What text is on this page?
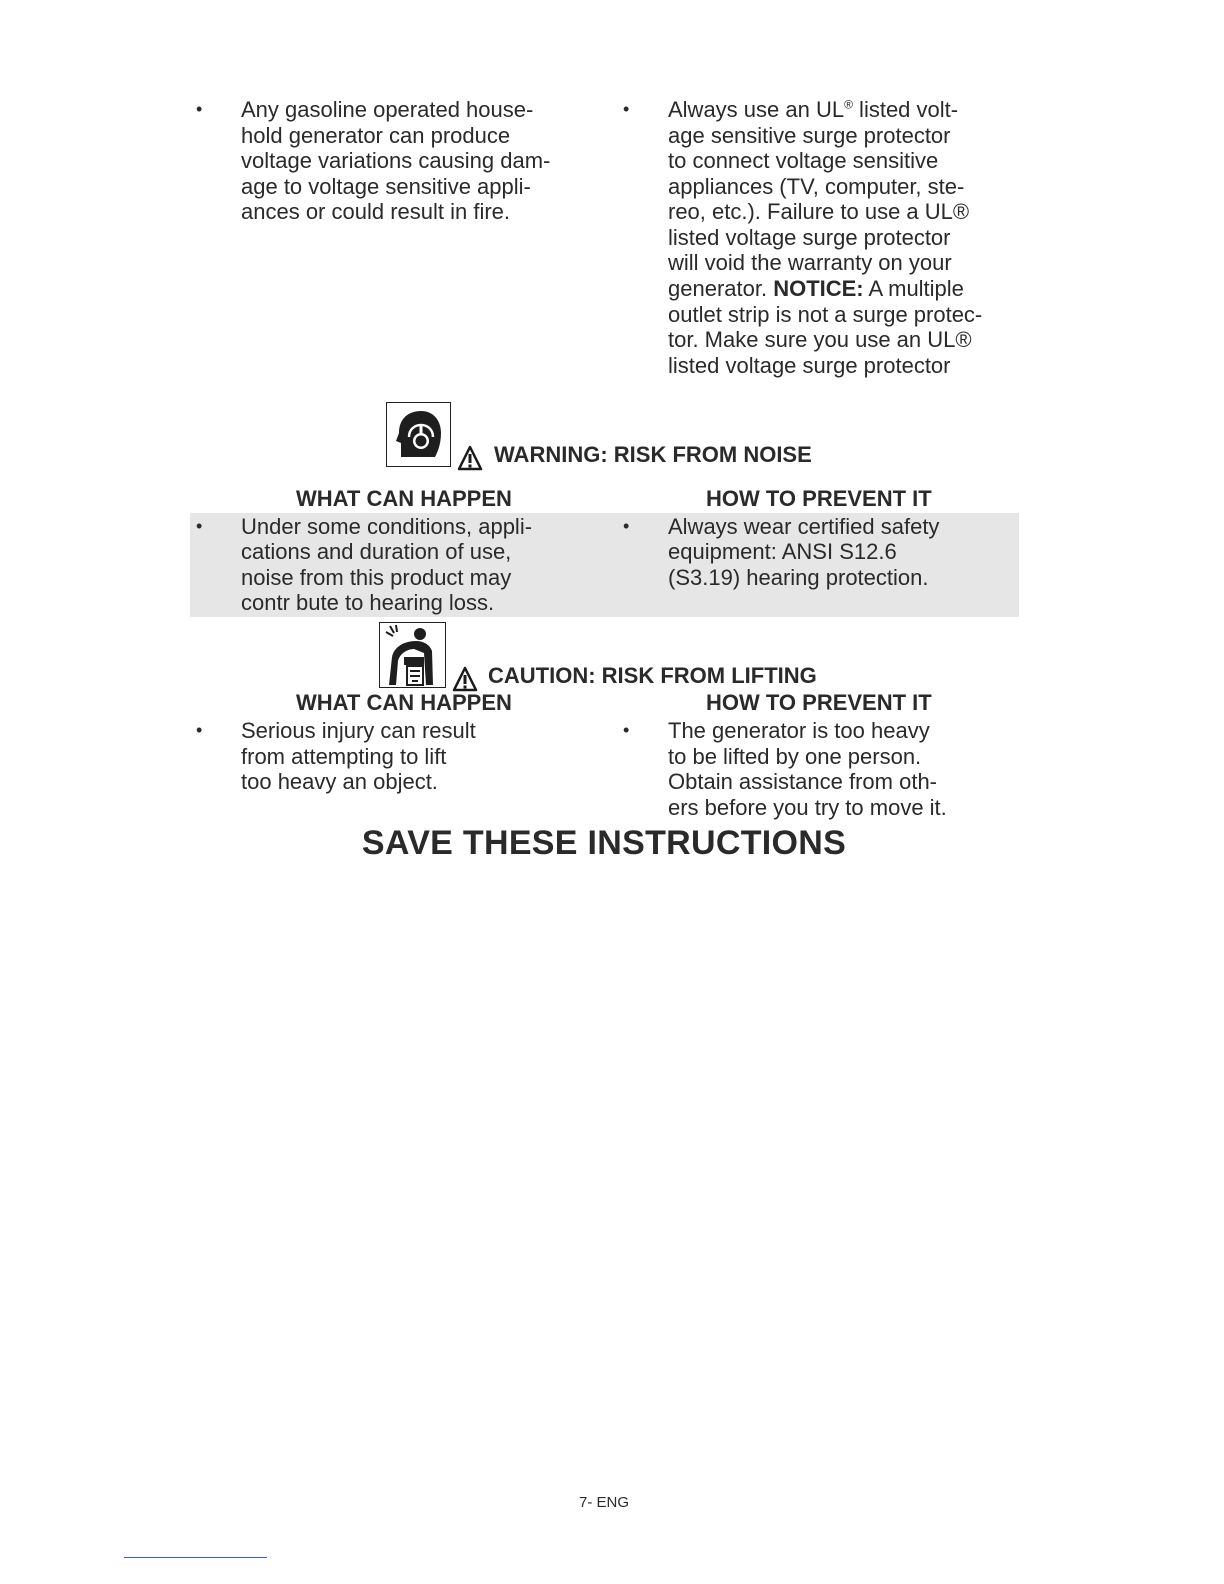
• Any gasoline operated house-
hold generator can produce
voltage variations causing dam-
age to voltage sensitive appli-
ances or could result in fire.
• Always use an UL® listed volt-
age sensitive surge protector
to connect voltage sensitive
appliances (TV, computer, ste-
reo, etc.). Failure to use a UL®
listed voltage surge protector
will void the warranty on your
generator. NOTICE: A multiple
outlet strip is not a surge protec-
tor. Make sure you use an UL®
listed voltage surge protector
WARNING: RISK FROM NOISE
WHAT CAN HAPPEN	HOW TO PREVENT IT
• Under some conditions, appli-
cations and duration of use,
noise from this product may
contr bute to hearing loss.
• Always wear certified safety
equipment: ANSI S12.6
(S3.19) hearing protection.
CAUTION: RISK FROM LIFTING
WHAT CAN HAPPEN	HOW TO PREVENT IT
• Serious injury can result
from attempting to lift
too heavy an object.
• The generator is too heavy
to be lifted by one person.
Obtain assistance from oth-
ers before you try to move it.
SAVE THESE INSTRUCTIONS
7- ENG
